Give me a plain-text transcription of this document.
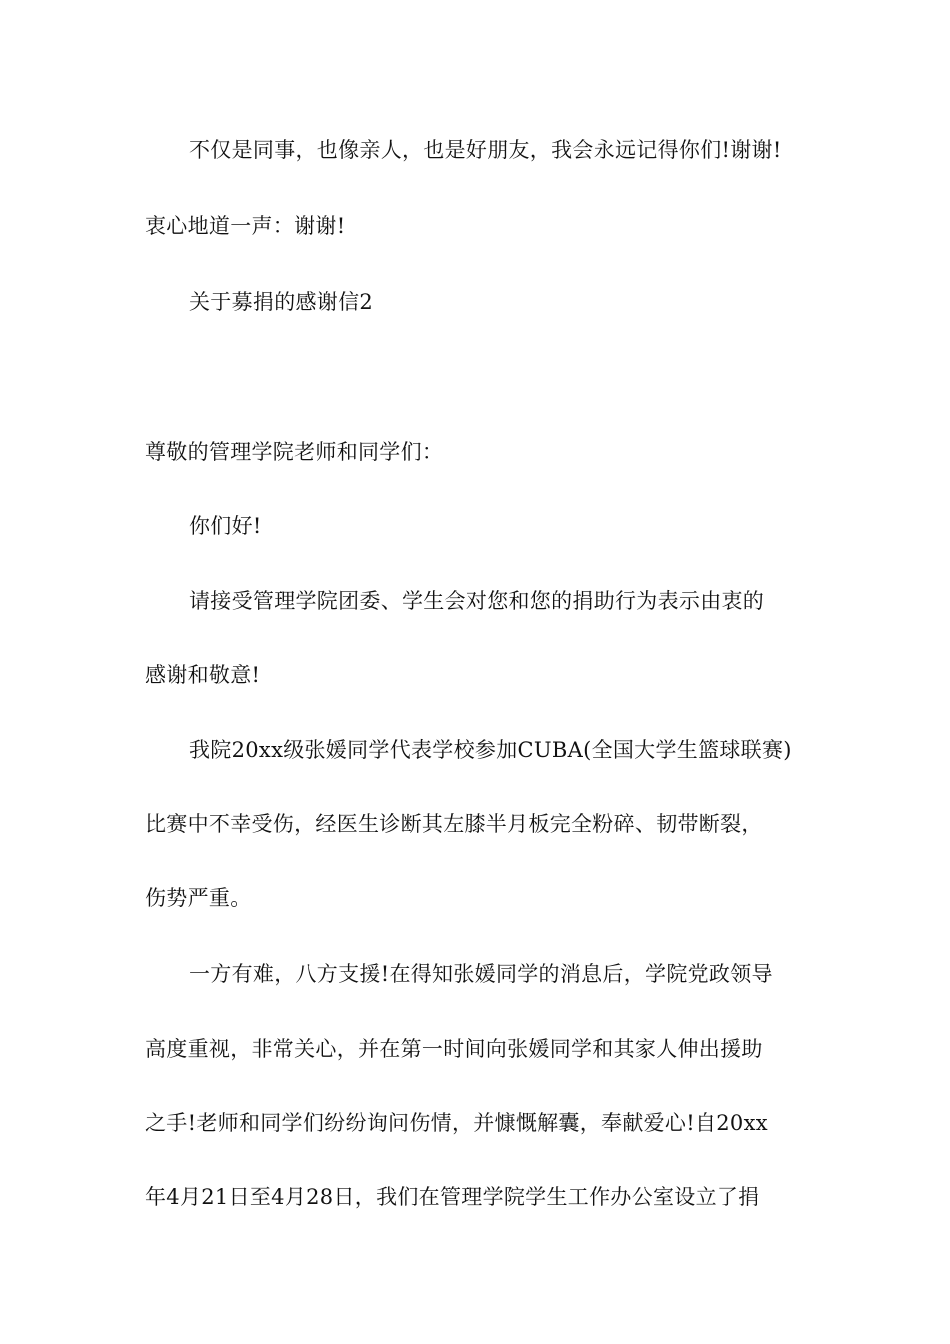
不仅是同事，也像亲人，也是好朋友，我会永远记得你们!谢谢!
衷心地道一声：谢谢!
关于募捐的感谢信2
尊敬的管理学院老师和同学们：
你们好!
请接受管理学院团委、学生会对您和您的捐助行为表示由衷的
感谢和敬意!
我院20xx级张媛同学代表学校参加CUBA(全国大学生篮球联赛)
比赛中不幸受伤，经医生诊断其左膝半月板完全粉碎、韧带断裂，
伤势严重。
一方有难，八方支援!在得知张媛同学的消息后，学院党政领导
高度重视，非常关心，并在第一时间向张媛同学和其家人伸出援助
之手!老师和同学们纷纷询问伤情，并慷慨解囊，奉献爱心!自20xx
年4月21日至4月28日，我们在管理学院学生工作办公室设立了捐
